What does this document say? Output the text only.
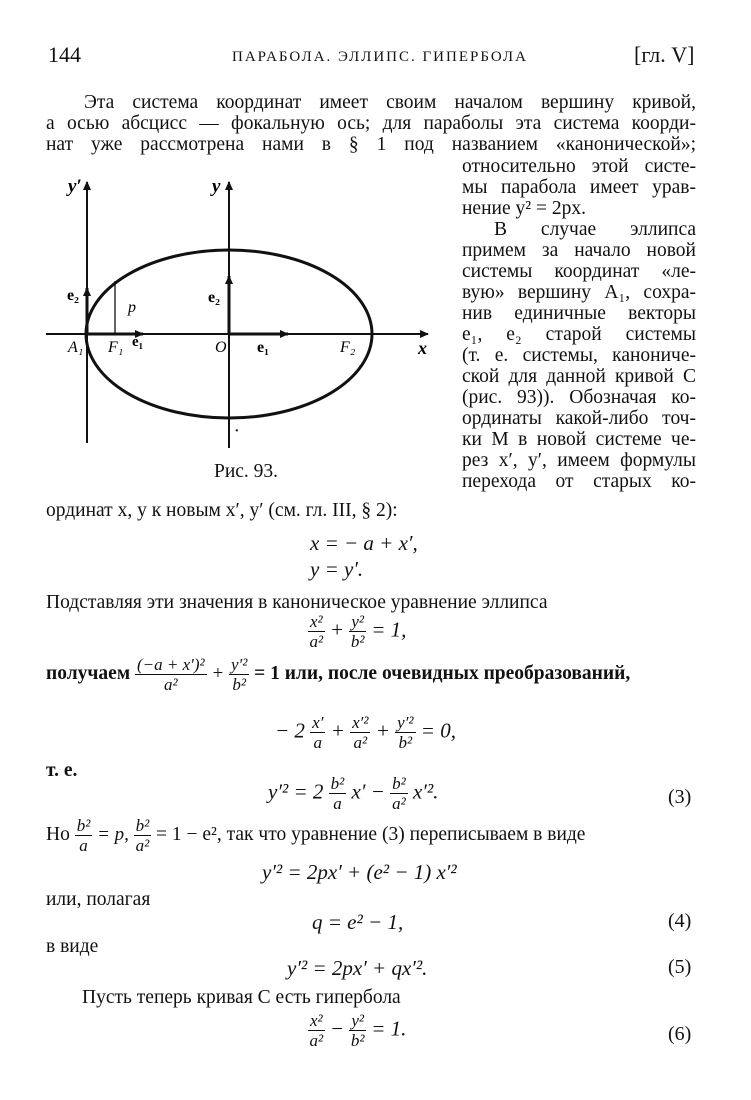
144	ПАРАБОЛА. ЭЛЛИПС. ГИПЕРБОЛА	[гл. V]
Эта система координат имеет своим началом вершину кривой,
а осью абсцисс — фокальную ось; для параболы эта система коорди-
нат уже рассмотрена нами в § 1 под названием «канонической»;
относительно этой систе-
мы парабола имеет урав-
нение y² = 2px.
В случае эллипса
примем за начало новой
системы координат «ле-
вую» вершину A₁, сохра-
нив единичные векторы
e₁, e₂ старой системы
(т. е. системы, канониче-
ской для данной кривой C
(рис. 93)). Обозначая ко-
ординаты какой-либо точ-
ки M в новой системе че-
рез x′, y′, имеем формулы
перехода от старых ко-
y′	y
x
e₂	e₂
p
A₁ F₁ e₁	O e₁	F₂
·
Рис. 93.
ординат x, y к новым x′, y′ (см. гл. III, § 2):
x = − a + x′,
y = y′.
Подставляя эти значения в каноническое уравнение эллипса
$\frac{\text{x²}}{\text{a²}} + \frac{\text{y²}}{\text{b²}} = 1$,
получаем $\frac{\text{(−a + x′)²}}{\text{a²}} + \frac{\text{y′²}}{\text{b²}} = 1$ или, после очевидных преобразований,
− $2 \frac{x'}{a} + \frac{\text{x′²}}{\text{a²}} + \frac{\text{y′²}}{\text{b²}} = 0$,
т. е.
$y'^2 = 2 \frac{\text{b²}}{a} x' - \frac{\text{b²}}{\text{a²}} x'^2$.	(3)
Но $\frac{\text{b²}}{a} = p$, $\frac{\text{b²}}{\text{a²}} = 1 - e^2$, так что уравнение (3) переписываем в виде
y′² = 2px′ + (e² − 1) x′²
или, полагая
q = e² − 1,	(4)
в виде
y′² = 2px′ + qx′².	(5)
Пусть теперь кривая C есть гипербола
$\frac{\text{x²}}{\text{a²}} - \frac{\text{y²}}{\text{b²}} = 1$.	(6)
